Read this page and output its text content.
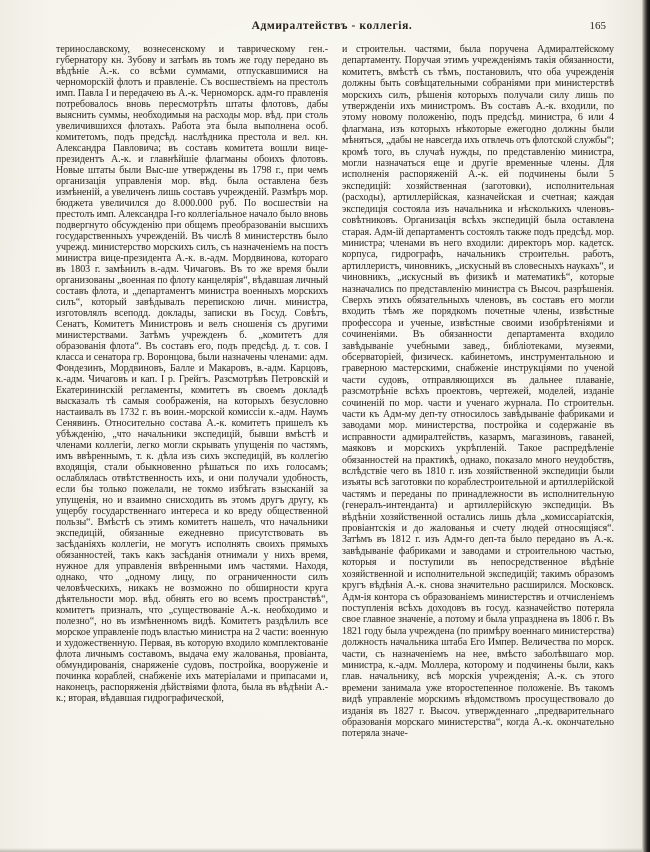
Адмиралтействъ - коллегія.	165
теринославскому, вознесенскому и таврическому ген.-губернатору кн. Зубову и затѣмъ въ томъ же году передано въ вѣдѣніе А.-к. со всѣми суммами, отпускавшимися на черноморскій флотъ и правленіе. Съ восшествіемъ на престолъ имп. Павла I и передачею въ А.-к. Черноморск. адм-го правленія потребовалось вновь пересмотрѣть штаты флотовъ, дабы выяснить суммы, необходимыя на расходы мор. вѣд. при столь увеличившихся флотахъ. Работа эта была выполнена особ. комитетомъ, подъ предсѣд. наслѣдника престола и вел. кн. Александра Павловича; въ составъ комитета вошли вице-президентъ А.-к. и главнѣйшіе флагманы обоихъ флотовъ. Новые штаты были Выс-ше утверждены въ 1798 г., при чемъ организація управленія мор. вѣд. была оставлена безъ измѣненій, а увеличенъ лишь составъ учрежденій. Размѣръ мор. бюджета увеличился до 8.000.000 руб. По восшествіи на престолъ имп. Александра I-го коллегіальное начало было вновь подвергнуто обсужденію при общемъ преобразованіи высшихъ государственныхъ учрежденій. Въ числѣ 8 министерствъ было учрежд. министерство морскихъ силъ, съ назначеніемъ на постъ министра вице-президента А.-к. в.-адм. Мордвинова, котораго въ 1803 г. замѣнилъ в.-адм. Чичаговъ. Въ то же время были организованы „военная по флоту канцелярія“, вѣдавшая личный составъ флота, и „департаментъ министра военныхъ морскихъ силъ“, который завѣдывалъ перепискою личн. министра, изготовлялъ всеподд. доклады, записки въ Госуд. Совѣтъ, Сенатъ, Комитетъ Министровъ и велъ сношенія съ другими министерствами. Затѣмъ учрежденъ б. „комитетъ для образованія флота“. Въ составъ его, подъ предсѣд. д. т. сов. I класса и сенатора гр. Воронцова, были назначены членами: адм. Фондезинъ, Мордвиновъ, Балле и Макаровъ, в.-адм. Карцовъ, к.-адм. Чичаговъ и кап. I р. Грейгъ. Разсмотрѣвъ Петровскій и Екатерининскій регламенты, комитетъ въ своемъ докладѣ высказалъ тѣ самыя соображенія, на которыхъ безусловно настаивалъ въ 1732 г. въ воин.-морской комиссіи к.-адм. Наумъ Сенявинъ. Относительно состава А.-к. комитетъ пришелъ къ убѣжденію, „что начальники экспедицій, бывши вмѣстѣ и членами коллегіи, легко могли скрывать упущенія по частямъ, имъ ввѣреннымъ, т. к. дѣла изъ сихъ экспедицій, въ коллегію входящія, стали обыкновенно рѣшаться по ихъ голосамъ; ослаблялась отвѣтственность ихъ, и они получали удобность, если бы только пожелали, не токмо избѣгать взысканій за упущенія, но и взаимно снисходить въ этомъ другъ другу, къ ущербу государственнаго интереса и ко вреду общественной пользы“. Вмѣстѣ съ этимъ комитетъ нашелъ, что начальники экспедицій, обязанные ежедневно присутствовать въ засѣданіяхъ коллегіи, не могутъ исполнять своихъ прямыхъ обязанностей, такъ какъ засѣданія отнимали у нихъ время, нужное для управленія ввѣренными имъ частями. Находя, однако, что „одному лицу, по ограниченности силъ человѣческихъ, никакъ не возможно по обширности круга дѣятельности мор. вѣд. обнять его во всемъ пространствѣ“, комитетъ призналъ, что „существованіе А.-к. необходимо и полезно“, но въ измѣненномъ видѣ. Комитетъ раздѣлилъ все морское управленіе подъ властью министра на 2 части: военную и художественную. Первая, въ которую входило комплектованіе флота личнымъ составомъ, выдача ему жалованья, провіанта, обмундированія, снаряженіе судовъ, постройка, вооруженіе и починка кораблей, снабженіе ихъ матеріалами и припасами и, наконецъ, распоряженія дѣйствіями флота, была въ вѣдѣніи А.-к.; вторая, вѣдавшая гидрографической,
и строительн. частями, была поручена Адмиралтейскому департаменту. Поручая этимъ учрежденіямъ такія обязанности, комитетъ, вмѣстѣ съ тѣмъ, постановилъ, что оба учрежденія должны быть совѣщательными собраніями при министерствѣ морскихъ силъ, рѣшенія которыхъ получали силу лишь по утвержденіи ихъ министромъ. Въ составъ А.-к. входили, по этому новому положенію, подъ предсѣд. министра, 6 или 4 флагмана, изъ которыхъ нѣкоторые ежегодно должны были мѣняться, „дабы не навсегда ихъ отвлечь отъ флотской службы“; кромѣ того, въ случаѣ нужды, по представленію министра, могли назначаться еще и другіе временные члены. Для исполненія распоряженій А.-к. ей подчинены были 5 экспедицій: хозяйственная (заготовки), исполнительная (расходы), артиллерійская, казначейская и счетная; каждая экспедиція состояла изъ начальника и нѣсколькихъ членовъ-совѣтниковъ. Организація всѣхъ экспедицій была оставлена старая. Адм-ій департаментъ состоялъ также подъ предсѣд. мор. министра; членами въ него входили: директоръ мор. кадетск. корпуса, гидрографъ, начальникъ строительн. работъ, артиллеристъ, чиновникъ, „искусный въ словесныхъ наукахъ“, и чиновникъ, „искусный въ физикѣ и математикѣ“, которые назначались по представленію министра съ Высоч. разрѣшенія. Сверхъ этихъ обязательныхъ членовъ, въ составъ его могли входить тѣмъ же порядкомъ почетные члены, извѣстные профессора и ученые, извѣстные своими изобрѣтеніями и сочиненіями. Въ обязанности департамента входило завѣдываніе учебными завед., библіотеками, музеями, обсерваторіей, физическ. кабинетомъ, инструментальною и граверною мастерскими, снабженіе инструкціями по ученой части судовъ, отправляющихся въ дальнее плаваніе, разсмотрѣніе всѣхъ проектовъ, чертежей, моделей, изданіе сочиненій по мор. части и ученаго журнала. По строительн. части къ Адм-му деп-ту относилось завѣдываніе фабриками и заводами мор. министерства, постройка и содержаніе въ исправности адмиралтействъ, казармъ, магазиновъ, гаваней, маяковъ и морскихъ укрѣпленій. Такое распредѣленіе обязанностей на практикѣ, однако, показало много неудобствъ, вслѣдствіе чего въ 1810 г. изъ хозяйственной экспедиціи были изъяты всѣ заготовки по кораблестроительной и артиллерійской частямъ и переданы по принадлежности въ исполнительную (генералъ-интенданта) и артиллерійскую экспедиціи. Въ вѣдѣніи хозяйственной остались лишь дѣла „комиссаріатскія, провіантскія и до жалованья и счету людей относящіяся“. Затѣмъ въ 1812 г. изъ Адм-го деп-та было передано въ А.-к. завѣдываніе фабриками и заводами и строительною частью, которыя и поступили въ непосредственное вѣдѣніе хозяйственной и исполнительной экспедицій; такимъ образомъ кругъ вѣдѣнія А.-к. снова значительно расширился. Московск. Адм-ія контора съ образованіемъ министерствъ и отчисленіемъ поступленія всѣхъ доходовъ въ госуд. казначейство потеряла свое главное значеніе, а потому и была упразднена въ 1806 г. Въ 1821 году была учреждена (по примѣру военнаго министерства) должность начальника штаба Его Импер. Величества по морск. части, съ назначеніемъ на нее, вмѣсто заболѣвшаго мор. министра, к.-адм. Моллера, которому и подчинены были, какъ глав. начальнику, всѣ морскія учрежденія; А.-к. съ этого времени занимала уже второстепенное положеніе. Въ такомъ видѣ управленіе морскимъ вѣдомствомъ просуществовало до изданія въ 1827 г. Высоч. утвержденнаго „предварительнаго образованія морскаго министерства“, когда А.-к. окончательно потеряла значе-
